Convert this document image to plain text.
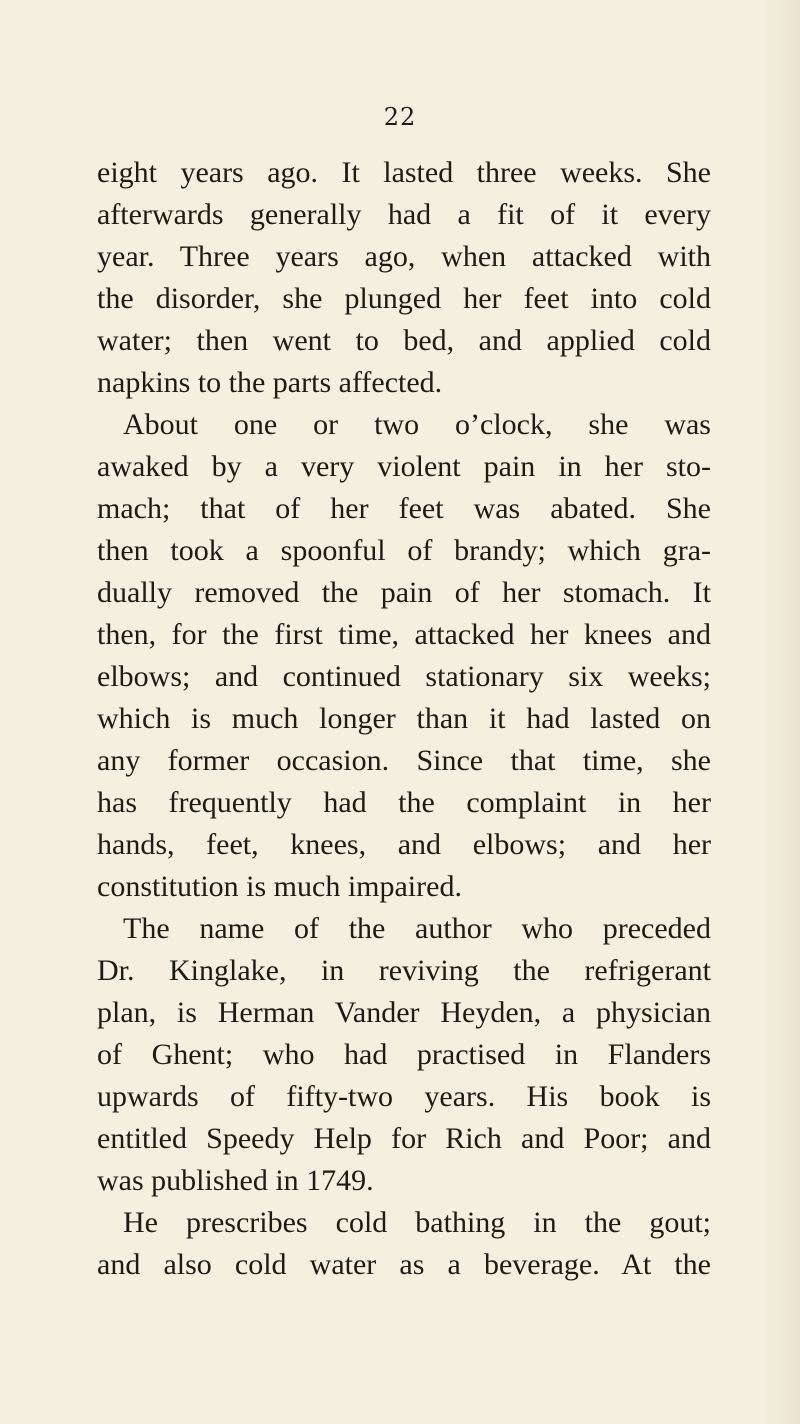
22
eight years ago. It lasted three weeks. She
afterwards generally had a fit of it every
year. Three years ago, when attacked with
the disorder, she plunged her feet into cold
water; then went to bed, and applied cold
napkins to the parts affected.
About one or two o’clock, she was
awaked by a very violent pain in her sto-
mach; that of her feet was abated. She
then took a spoonful of brandy; which gra-
dually removed the pain of her stomach. It
then, for the first time, attacked her knees and
elbows; and continued stationary six weeks;
which is much longer than it had lasted on
any former occasion. Since that time, she
has frequently had the complaint in her
hands, feet, knees, and elbows; and her
constitution is much impaired.
The name of the author who preceded
Dr. Kinglake, in reviving the refrigerant
plan, is Herman Vander Heyden, a physician
of Ghent; who had practised in Flanders
upwards of fifty-two years. His book is
entitled Speedy Help for Rich and Poor; and
was published in 1749.
He prescribes cold bathing in the gout;
and also cold water as a beverage. At the
